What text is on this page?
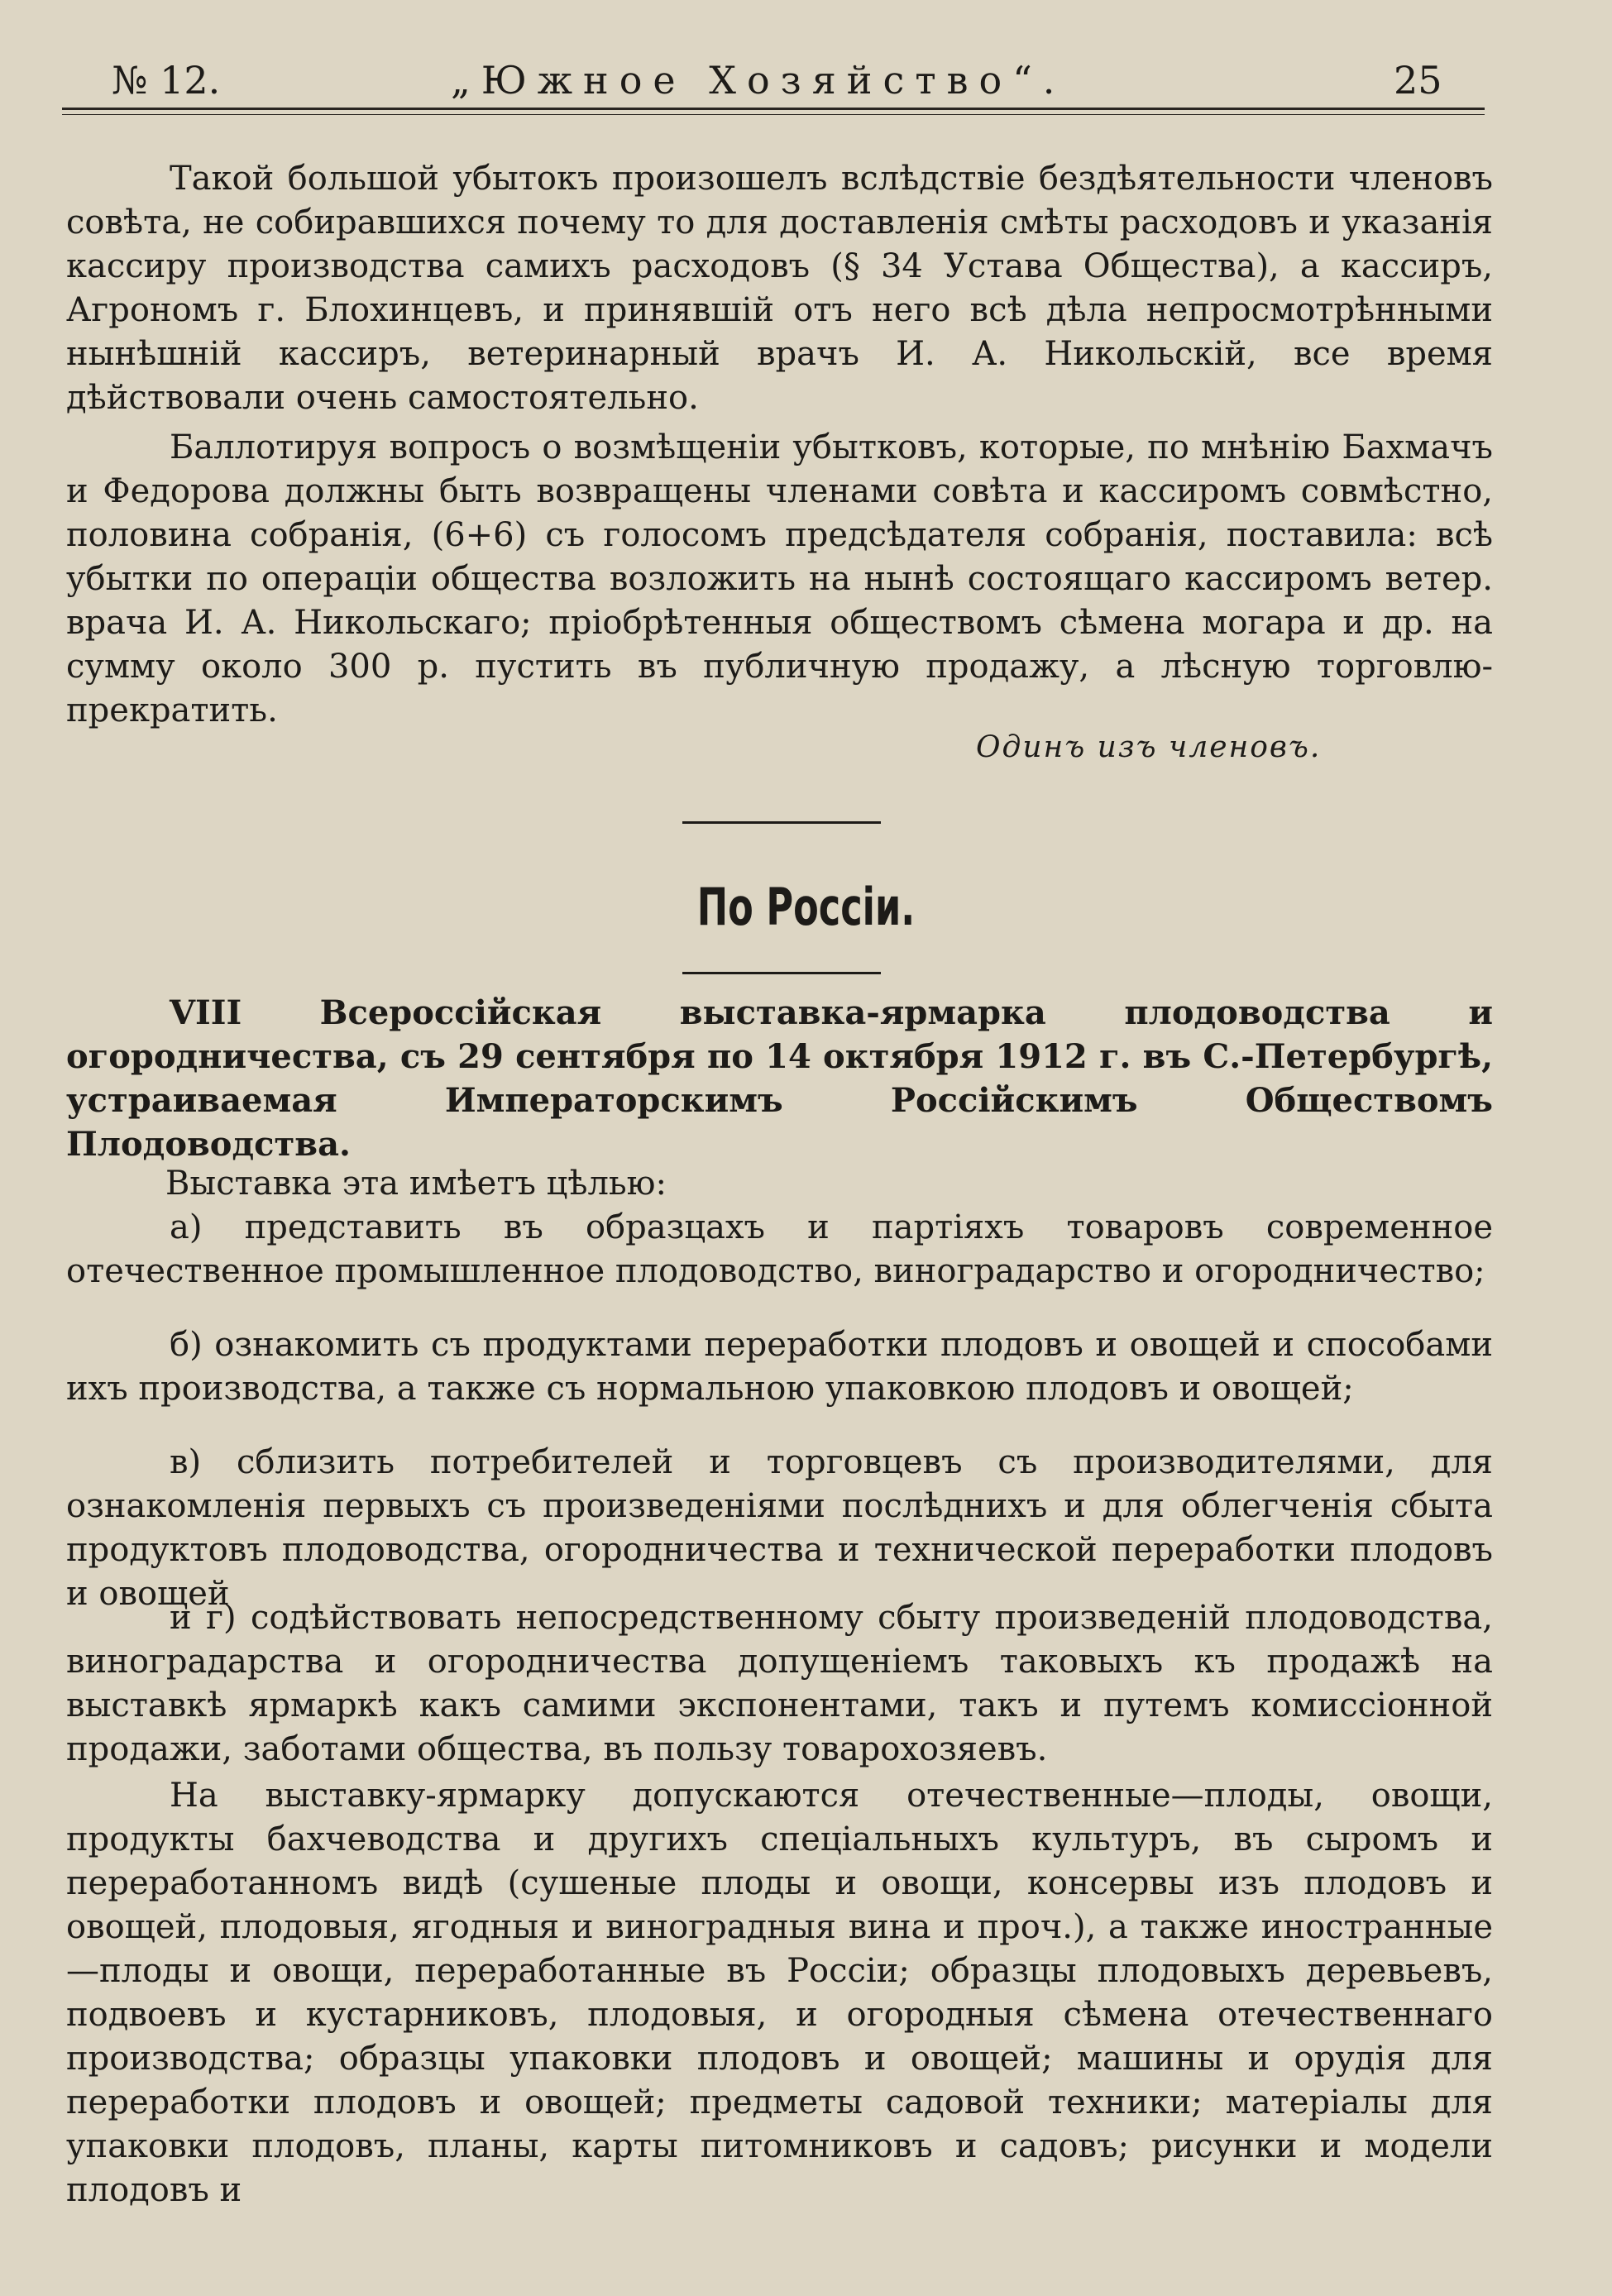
№ 12.	„Южное Хозяйство“.	25

Такой большой убытокъ произошелъ вслѣдствіе бездѣятельности членовъ совѣта, не собиравшихся почему то для доставленія смѣты расходовъ и указанія кассиру производства самихъ расходовъ (§ 34 Устава Общества), а кассиръ, Агрономъ г. Блохинцевъ, и принявшій отъ него всѣ дѣла непросмотрѣнными нынѣшній кассиръ, ветеринарный врачъ И. А. Никольскій, все время дѣйствовали очень самостоятельно.

Баллотируя вопросъ о возмѣщеніи убытковъ, которые, по мнѣнію Бахмачъ и Федорова должны быть возвращены членами совѣта и кассиромъ совмѣстно, половина собранія, (6+6) съ голосомъ предсѣдателя собранія, поставила: всѣ убытки по операціи общества возложить на нынѣ состоящаго кассиромъ ветер. врача И. А. Никольскаго; пріобрѣтенныя обществомъ сѣмена могара и др. на сумму около 300 р. пустить въ публичную продажу, а лѣсную торговлю-прекратить.

Одинъ изъ членовъ.
По Россіи.

VIII Всероссійская выставка-ярмарка плодоводства и огородничества, съ 29 сентября по 14 октября 1912 г. въ С.-Петербургѣ, устраиваемая Императорскимъ Россійскимъ Обществомъ Плодоводства.

Выставка эта имѣетъ цѣлью:

а) представить въ образцахъ и партіяхъ товаровъ современное отечественное промышленное плодоводство, виноградарство и огородничество;

б) ознакомить съ продуктами переработки плодовъ и овощей и способами ихъ производства, а также съ нормальною упаковкою плодовъ и овощей;

в) сблизить потребителей и торговцевъ съ производителями, для ознакомленія первыхъ съ произведеніями послѣднихъ и для облегченія сбыта продуктовъ плодоводства, огородничества и технической переработки плодовъ и овощей

и г) содѣйствовать непосредственному сбыту произведеній плодоводства, виноградарства и огородничества допущеніемъ таковыхъ къ продажѣ на выставкѣ ярмаркѣ какъ самими экспонентами, такъ и путемъ комиссіонной продажи, заботами общества, въ пользу товарохозяевъ.

На выставку-ярмарку допускаются отечественные—плоды, овощи, продукты бахчеводства и другихъ спеціальныхъ культуръ, въ сыромъ и переработанномъ видѣ (сушеные плоды и овощи, консервы изъ плодовъ и овощей, плодовыя, ягодныя и виноградныя вина и проч.), а также иностранные—плоды и овощи, переработанные въ Россіи; образцы плодовыхъ деревьевъ, подвоевъ и кустарниковъ, плодовыя, и огородныя сѣмена отечественнаго производства; образцы упаковки плодовъ и овощей; машины и орудія для переработки плодовъ и овощей; предметы садовой техники; матеріалы для упаковки плодовъ, планы, карты питомниковъ и садовъ; рисунки и модели плодовъ и
